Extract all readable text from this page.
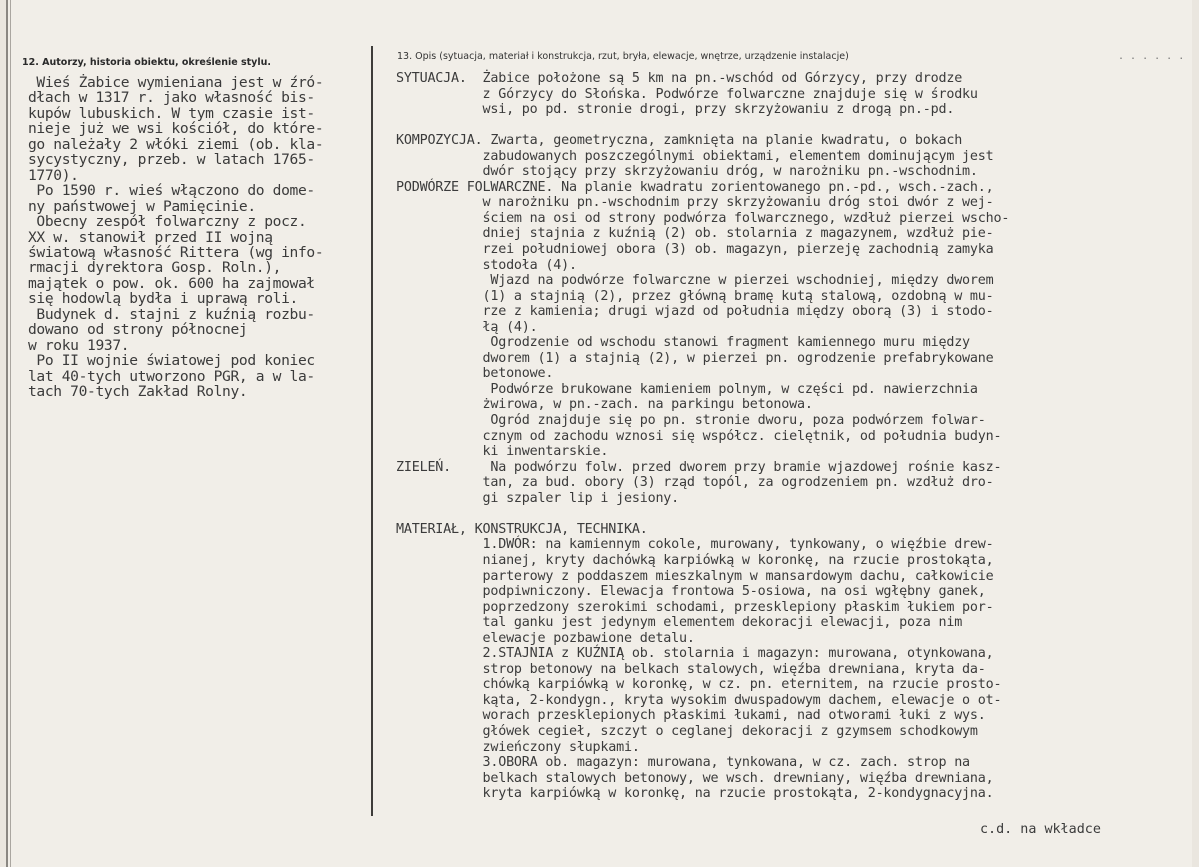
12. Autorzy, historia obiektu, określenie stylu.
13. Opis (sytuacja, materiał i konstrukcja, rzut, bryła, elewacje, wnętrze, urządzenie instalacje)	. . . . . .
Wieś Żabice wymieniana jest w źró-
dłach w 1317 r. jako własność bis-
kupów lubuskich. W tym czasie ist-
nieje już we wsi kościół, do które-
go należały 2 włóki ziemi (ob. kla-
sycystyczny, przeb. w latach 1765-
1770).
Po 1590 r. wieś włączono do dome-
ny państwowej w Pamięcinie.
Obecny zespół folwarczny z pocz.
XX w. stanowił przed II wojną
światową własność Rittera (wg info-
rmacji dyrektora Gosp. Roln.),
majątek o pow. ok. 600 ha zajmował
się hodowlą bydła i uprawą roli.
Budynek d. stajni z kuźnią rozbu-
dowano od strony północnej
w roku 1937.
Po II wojnie światowej pod koniec
lat 40-tych utworzono PGR, a w la-
tach 70-tych Zakład Rolny.
SYTUACJA.  Żabice położone są 5 km na pn.-wschód od Górzycy, przy drodze
z Górzycy do Słońska. Podwórze folwarczne znajduje się w środku
wsi, po pd. stronie drogi, przy skrzyżowaniu z drogą pn.-pd.
KOMPOZYCJA. Zwarta, geometryczna, zamknięta na planie kwadratu, o bokach
zabudowanych poszczególnymi obiektami, elementem dominującym jest
dwór stojący przy skrzyżowaniu dróg, w narożniku pn.-wschodnim.
PODWÓRZE FOLWARCZNE. Na planie kwadratu zorientowanego pn.-pd., wsch.-zach.,
w narożniku pn.-wschodnim przy skrzyżowaniu dróg stoi dwór z wej-
ściem na osi od strony podwórza folwarcznego, wzdłuż pierzei wscho-
dniej stajnia z kuźnią (2) ob. stolarnia z magazynem, wzdłuż pie-
rzei południowej obora (3) ob. magazyn, pierzeję zachodnią zamyka
stodoła (4).
Wjazd na podwórze folwarczne w pierzei wschodniej, między dworem
(1) a stajnią (2), przez główną bramę kutą stalową, ozdobną w mu-
rze z kamienia; drugi wjazd od południa między oborą (3) i stodo-
łą (4).
Ogrodzenie od wschodu stanowi fragment kamiennego muru między
dworem (1) a stajnią (2), w pierzei pn. ogrodzenie prefabrykowane
betonowe.
Podwórze brukowane kamieniem polnym, w części pd. nawierzchnia
żwirowa, w pn.-zach. na parkingu betonowa.
Ogród znajduje się po pn. stronie dworu, poza podwórzem folwar-
cznym od zachodu wznosi się współcz. cielętnik, od południa budyn-
ki inwentarskie.
ZIELEŃ.     Na podwórzu folw. przed dworem przy bramie wjazdowej rośnie kasz-
tan, za bud. obory (3) rząd topól, za ogrodzeniem pn. wzdłuż dro-
gi szpaler lip i jesiony.
MATERIAŁ, KONSTRUKCJA, TECHNIKA.
1.DWÓR: na kamiennym cokole, murowany, tynkowany, o więźbie drew-
nianej, kryty dachówką karpiówką w koronkę, na rzucie prostokąta,
parterowy z poddaszem mieszkalnym w mansardowym dachu, całkowicie
podpiwniczony. Elewacja frontowa 5-osiowa, na osi wgłębny ganek,
poprzedzony szerokimi schodami, przesklepiony płaskim łukiem por-
tal ganku jest jedynym elementem dekoracji elewacji, poza nim
elewacje pozbawione detalu.
2.STAJNIA z KUŹNIĄ ob. stolarnia i magazyn: murowana, otynkowana,
strop betonowy na belkach stalowych, więźba drewniana, kryta da-
chówką karpiówką w koronkę, w cz. pn. eternitem, na rzucie prosto-
kąta, 2-kondygn., kryta wysokim dwuspadowym dachem, elewacje o ot-
worach przesklepionych płaskimi łukami, nad otworami łuki z wys.
główek cegieł, szczyt o ceglanej dekoracji z gzymsem schodkowym
zwieńczony słupkami.
3.OBORA ob. magazyn: murowana, tynkowana, w cz. zach. strop na
belkach stalowych betonowy, we wsch. drewniany, więźba drewniana,
kryta karpiówką w koronkę, na rzucie prostokąta, 2-kondygnacyjna.
c.d. na wkładce
